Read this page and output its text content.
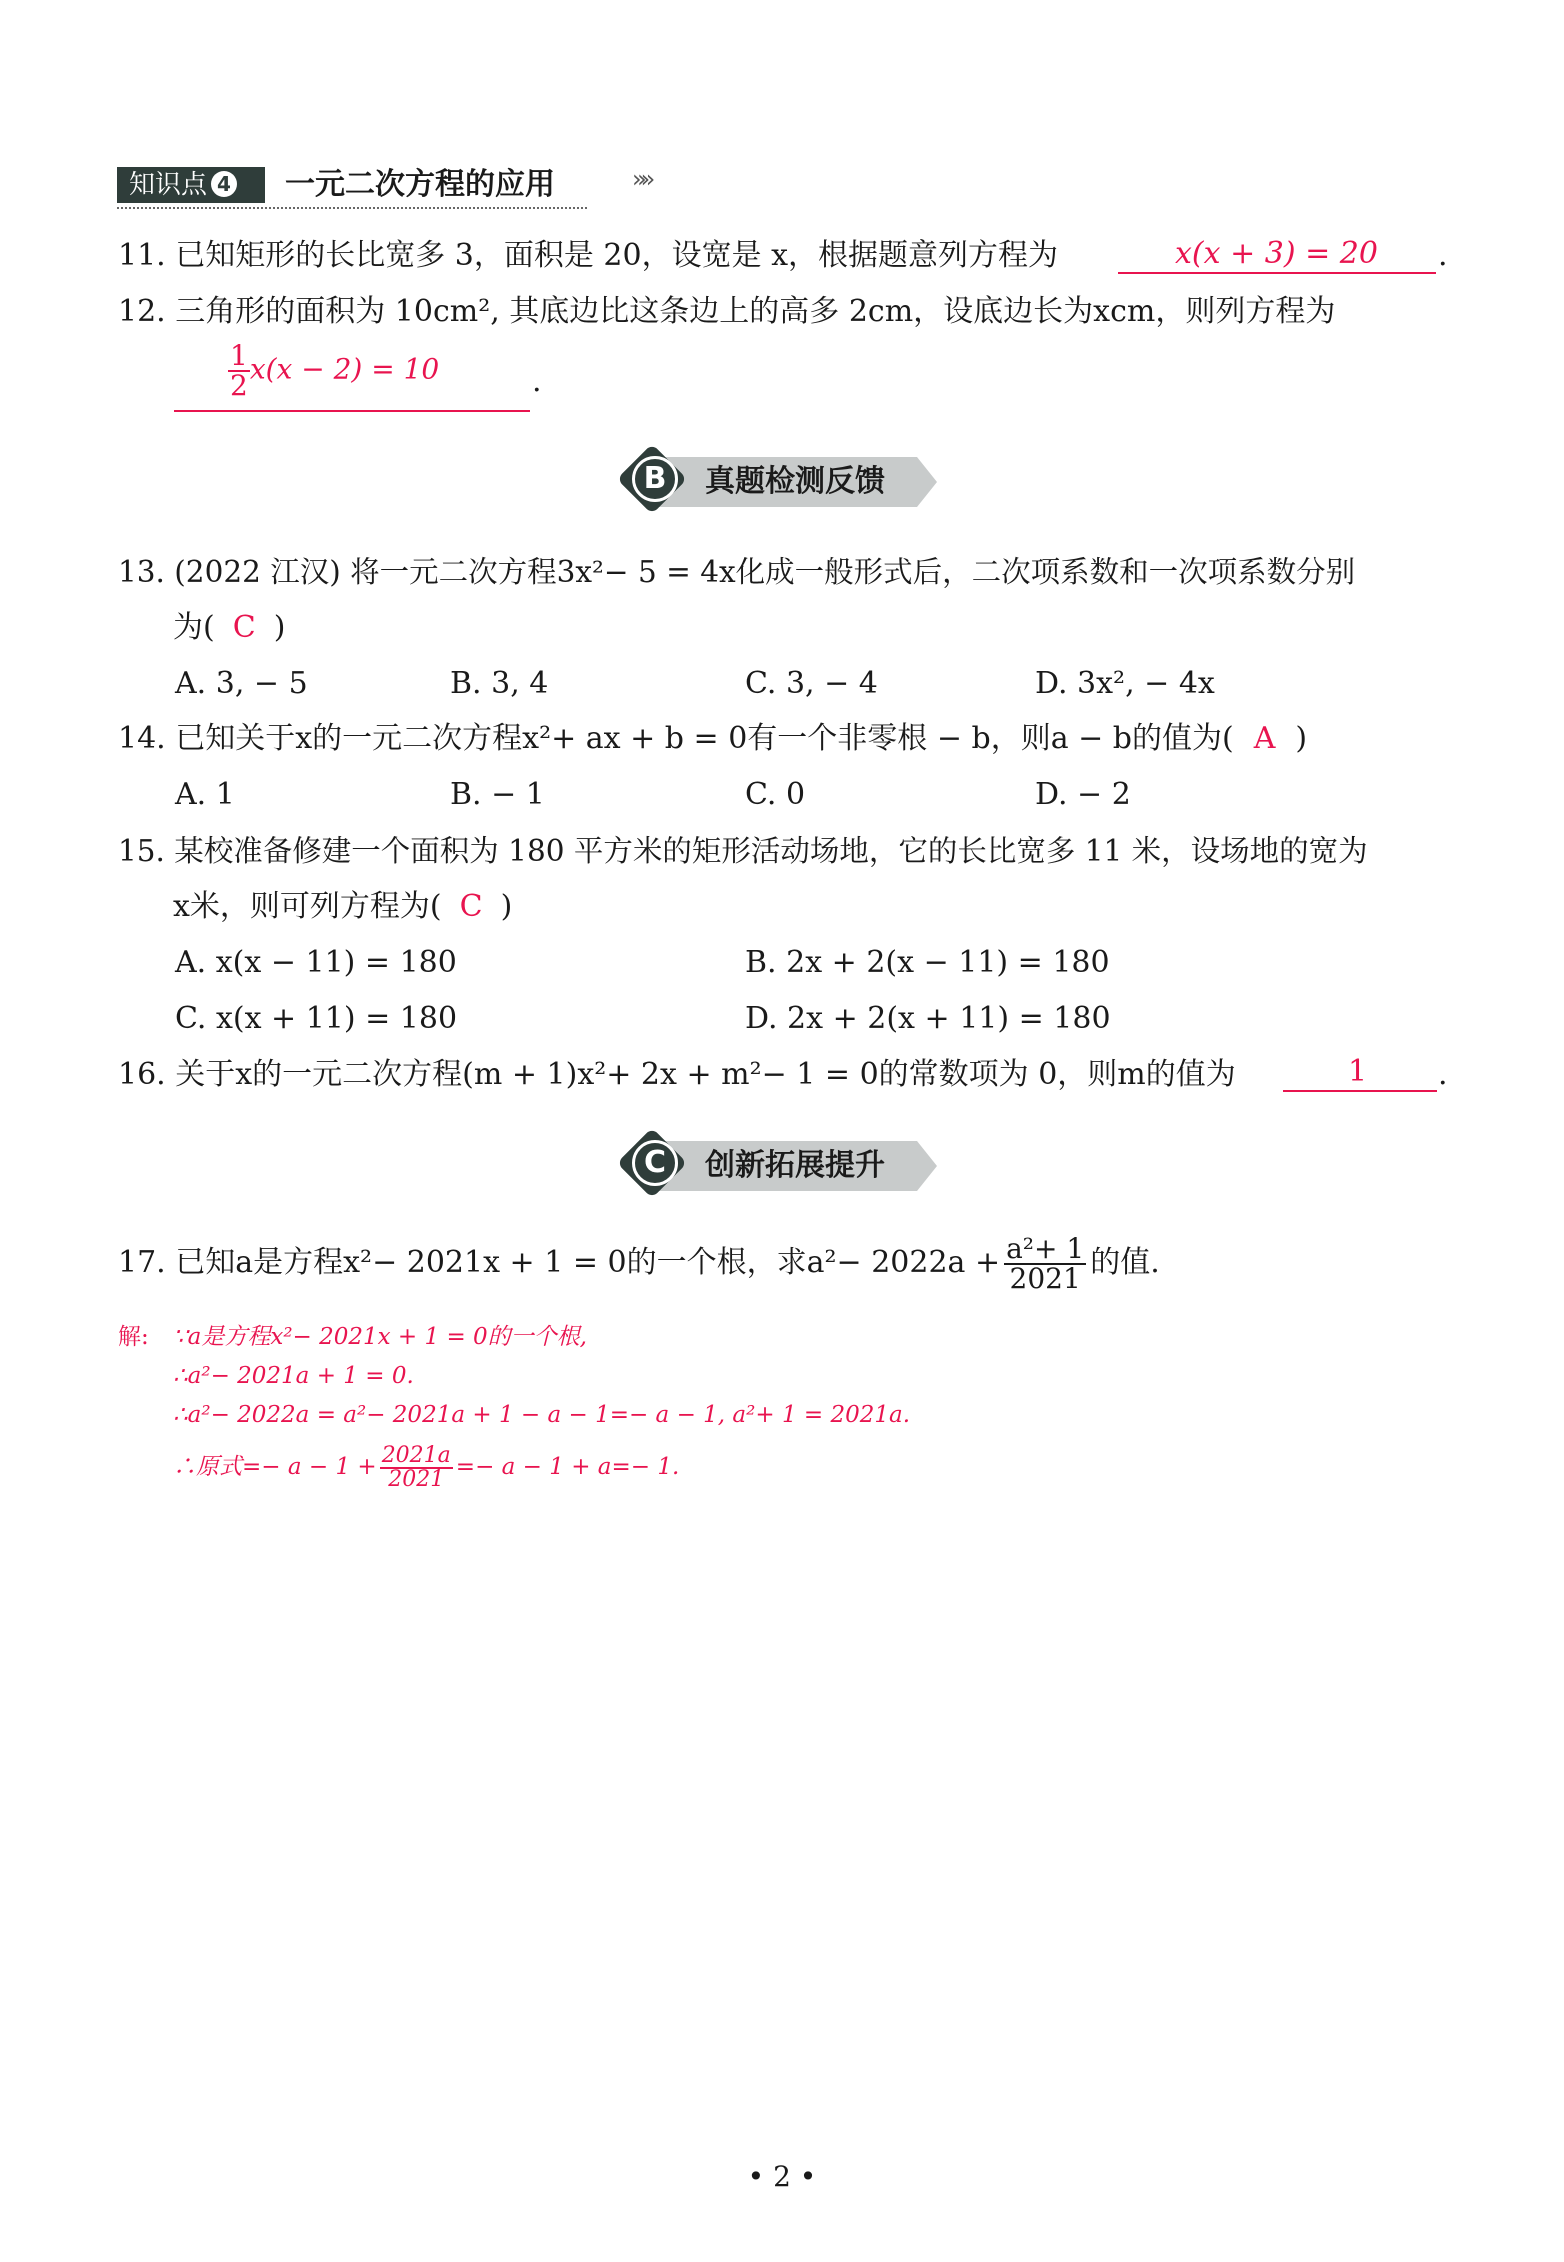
知识点 4	一元二次方程的应用	»»
11. 已知矩形的长比宽多 3，面积是 20，设宽是 x，根据题意列方程为	x(x + 3) = 20 .
12. 三角形的面积为 10cm², 其底边比这条边上的高多 2cm，设底边长为xcm，则列方程为
$\frac{1}{2} x(x - 2) = 10$	.
B	真题检测反馈
13. (2022 江汉) 将一元二次方程3x²− 5 = 4x化成一般形式后，二次项系数和一次项系数分别
为( C )
A. 3, − 5	B. 3, 4	C. 3, − 4	D. 3x², − 4x
14. 已知关于x的一元二次方程x²+ ax + b = 0有一个非零根 − b，则a − b的值为( A )
A. 1	B. − 1	C. 0	D. − 2
15. 某校准备修建一个面积为 180 平方米的矩形活动场地，它的长比宽多 11 米，设场地的宽为
x米，则可列方程为( C )
A. x(x − 11) = 180	B. 2x + 2(x − 11) = 180
C. x(x + 11) = 180	D. 2x + 2(x + 11) = 180
16. 关于x的一元二次方程(m + 1)x²+ 2x + m²− 1 = 0的常数项为 0，则m的值为	1 .
C	创新拓展提升
17. 已知a是方程x²− 2021x + 1 = 0的一个根，求$a^2- 2022a + \frac{\text{a²+ 1}}{2021}$ 的值.
解: ∵a是方程x²− 2021x + 1 = 0的一个根,
∴a²− 2021a + 1 = 0.
∴a²− 2022a = a²− 2021a + 1 − a − 1=− a − 1, a²+ 1 = 2021a.
∴原式=− $a - 1 + \frac{2021a}{2021} =- a - 1 + a=- 1$.
• 2 •
